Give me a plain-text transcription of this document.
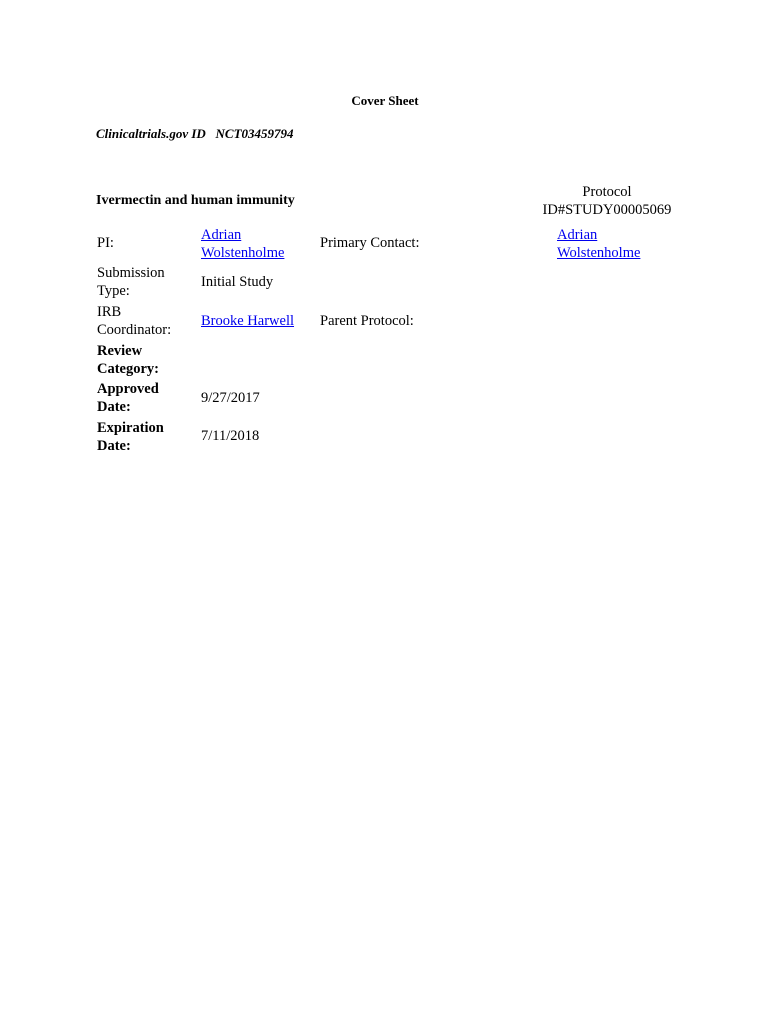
Cover Sheet
Clinicaltrials.gov ID NCT03459794
Ivermectin and human immunity
Protocol
ID#STUDY00005069
PI:	Adrian
Wolstenholme
Primary Contact:	Adrian
Wolstenholme
Submission
Type:
Initial Study
IRB
Coordinator:
Brooke Harwell Parent Protocol:
Review
Category:
Approved
Date:
9/27/2017
Expiration
Date:
7/11/2018
